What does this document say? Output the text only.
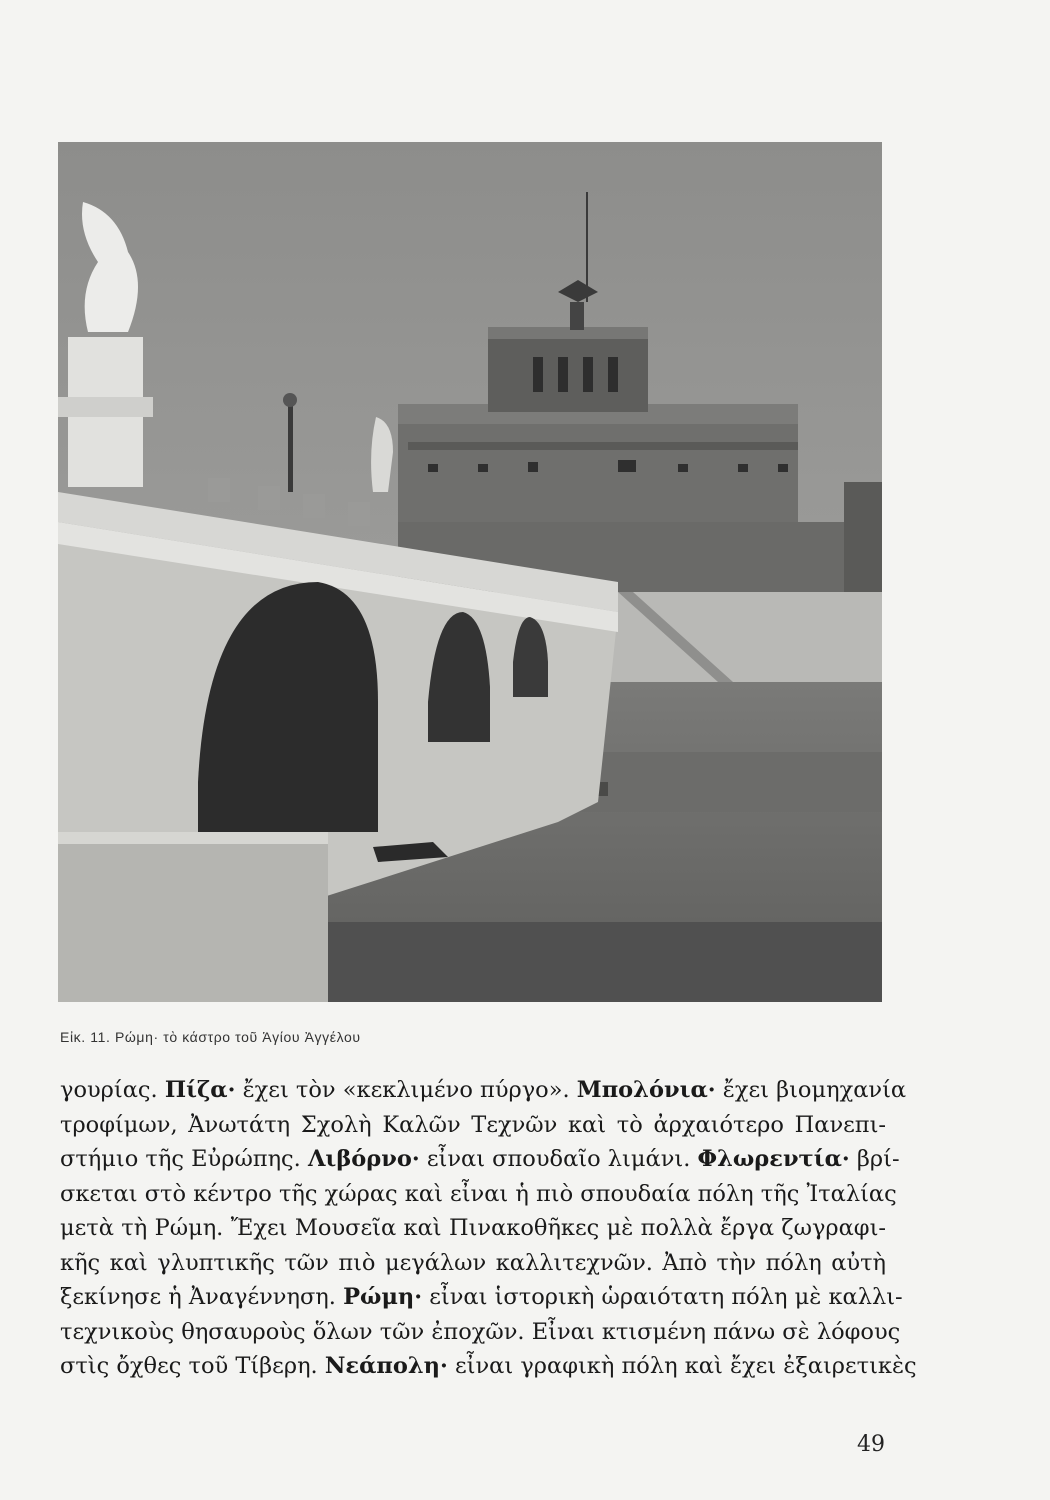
Εἰκ. 11. Ρώμη· τὸ κάστρο τοῦ Ἁγίου Ἀγγέλου
γουρίας. Πίζα· ἔχει τὸν «κεκλιμένο πύργο». Μπολόνια· ἔχει βιομηχανία
τροφίμων, Ἀνωτάτη Σχολὴ Καλῶν Τεχνῶν καὶ τὸ ἀρχαιότερο Πανεπι-
στήμιο τῆς Εὐρώπης. Λιβόρνο· εἶναι σπουδαῖο λιμάνι. Φλωρεντία· βρί-
σκεται στὸ κέντρο τῆς χώρας καὶ εἶναι ἡ πιὸ σπουδαία πόλη τῆς Ἰταλίας
μετὰ τὴ Ρώμη. Ἔχει Μουσεῖα καὶ Πινακοθῆκες μὲ πολλὰ ἔργα ζωγραφι-
κῆς καὶ γλυπτικῆς τῶν πιὸ μεγάλων καλλιτεχνῶν. Ἀπὸ τὴν πόλη αὐτὴ
ξεκίνησε ἡ Ἀναγέννηση. Ρώμη· εἶναι ἱστορικὴ ὡραιότατη πόλη μὲ καλλι-
τεχνικοὺς θησαυροὺς ὅλων τῶν ἐποχῶν. Εἶναι κτισμένη πάνω σὲ λόφους
στὶς ὄχθες τοῦ Τίβερη. Νεάπολη· εἶναι γραφικὴ πόλη καὶ ἔχει ἐξαιρετικὲς
49
